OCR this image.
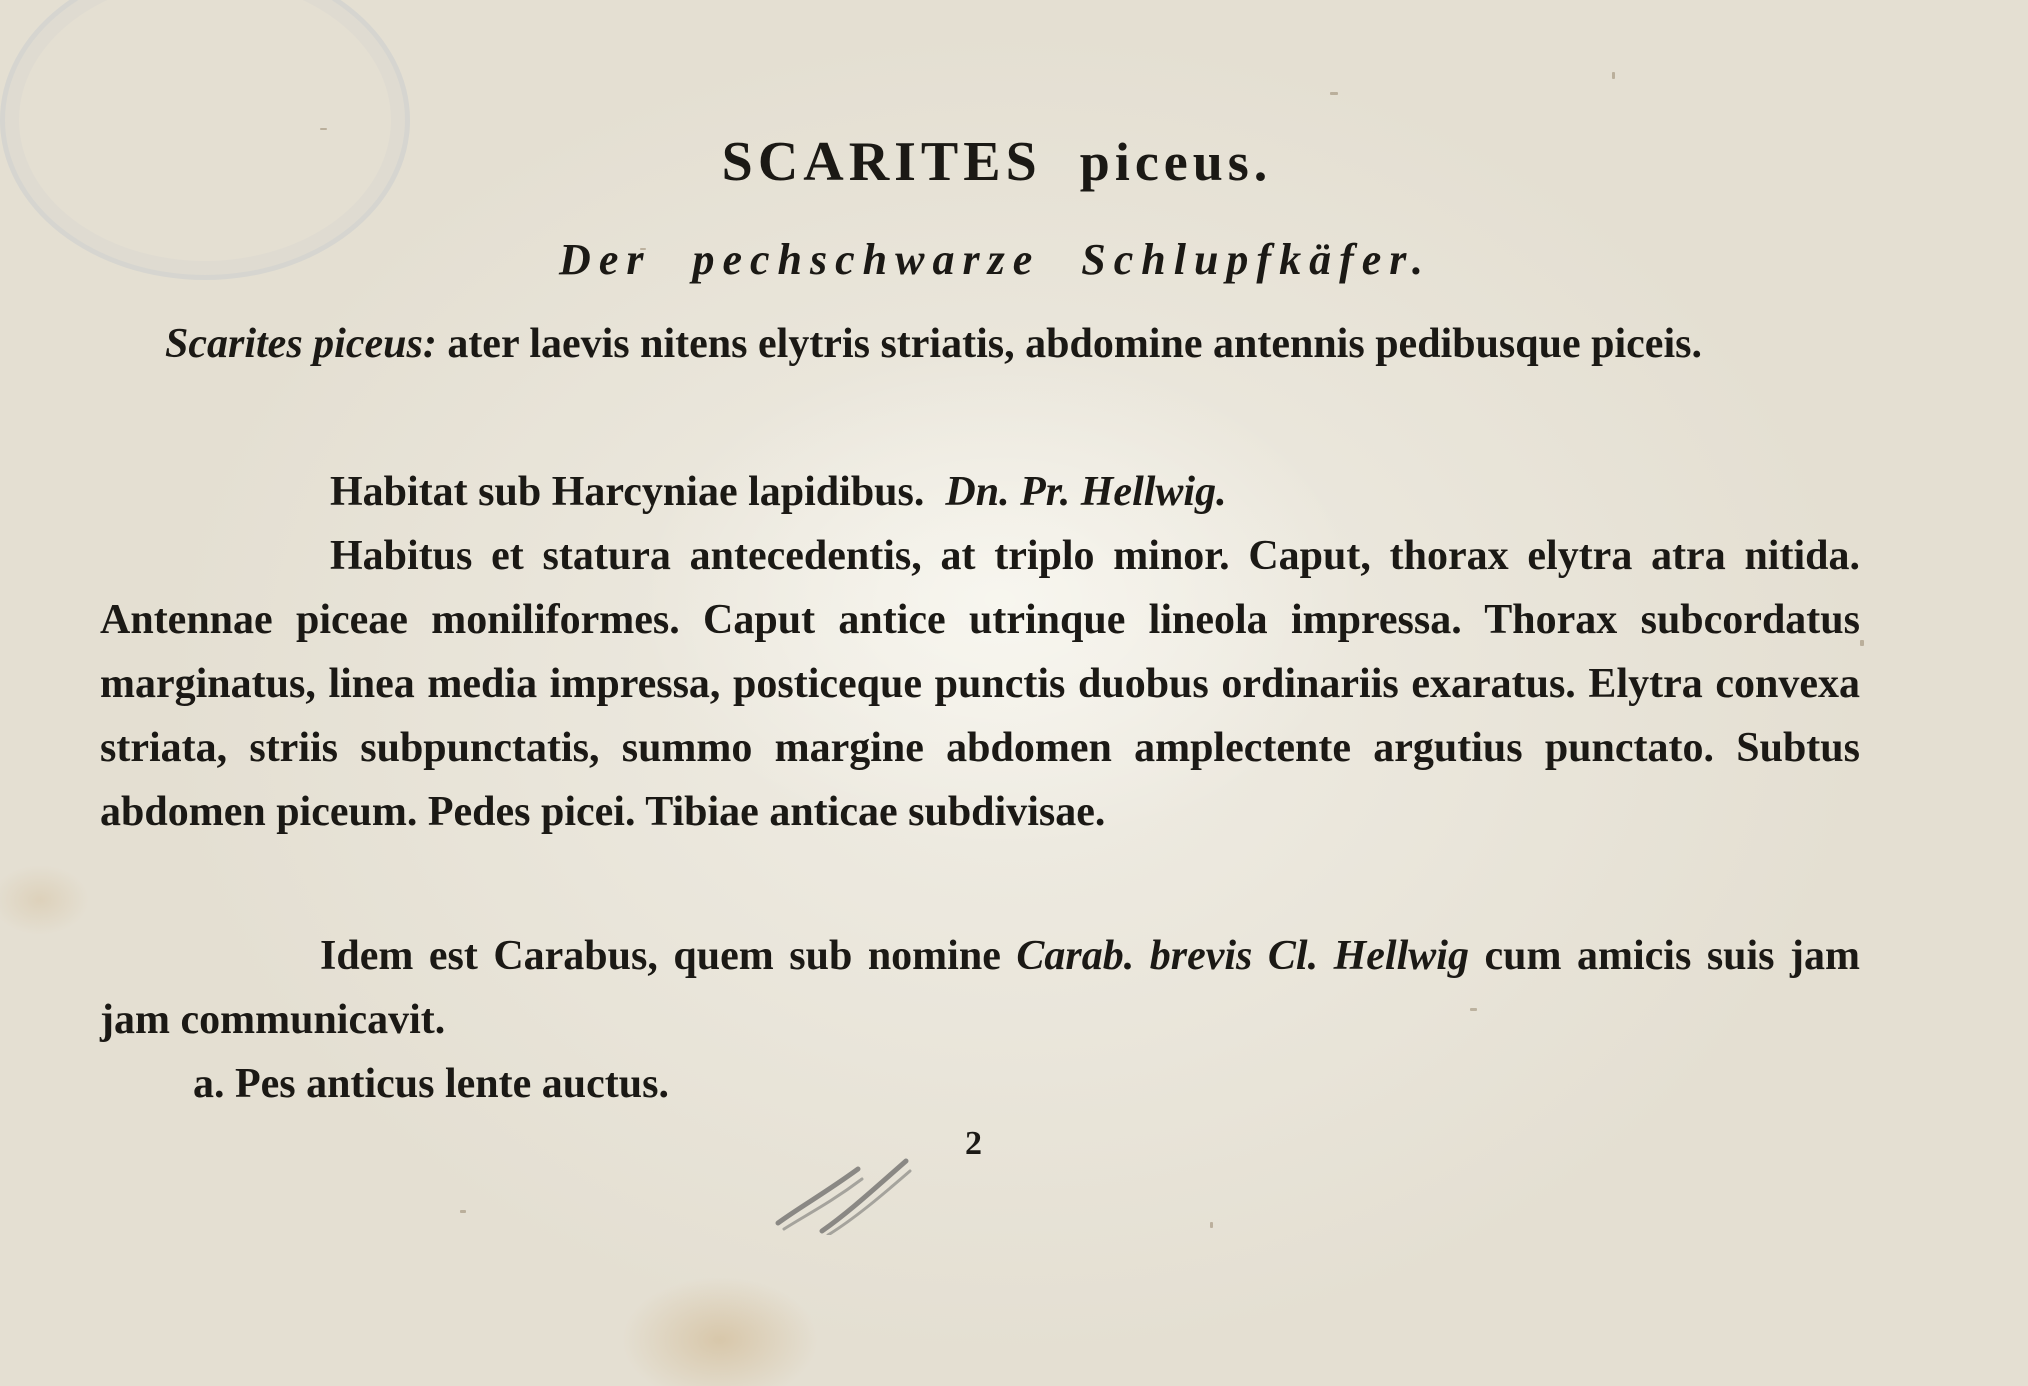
SCARITES piceus.
Der pechschwarze Schlupfkäfer.

Scarites piceus: ater laevis nitens elytris striatis, abdomine antennis pedibusque piceis.

Habitat sub Harcyniae lapidibus. Dn. Pr. Hellwig.

Habitus et statura antecedentis, at triplo minor. Caput, thorax elytra atra nitida. Antennae piceae moniliformes. Caput antice utrinque lineola impressa. Thorax subcordatus marginatus, linea media impressa, posticeque punctis duobus ordinariis exaratus. Elytra convexa striata, striis subpunctatis, summo margine abdomen amplectente argutius punctato. Subtus abdomen piceum. Pedes picei. Tibiae anticae subdivisae.

Idem est Carabus, quem sub nomine Carab. brevis Cl. Hellwig cum amicis suis jam jam communicavit.

a. Pes anticus lente auctus.

2
